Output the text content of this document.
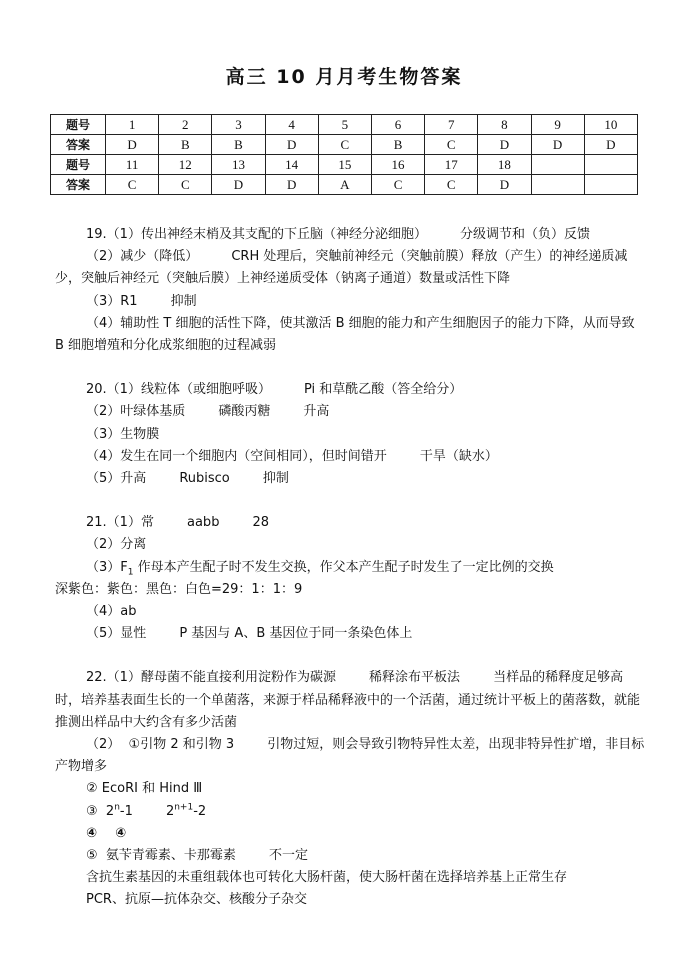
高三 10 月月考生物答案
题号	1	2	3	4	5	6	7	8	9	10
答案	D	B	B	D	C	B	C	D	D	D
题号	11	12	13	14	15	16	17	18		
答案	C	C	D	D	A	C	C	D		

19.（1）传出神经末梢及其支配的下丘脑（神经分泌细胞）        分级调节和（负）反馈

（2）减少（降低）        CRH 处理后，突触前神经元（突触前膜）释放（产生）的神经递质减少，突触后神经元（突触后膜）上神经递质受体（钠离子通道）数量或活性下降

（3）R1        抑制

（4）辅助性 T 细胞的活性下降，使其激活 B 细胞的能力和产生细胞因子的能力下降，从而导致 B 细胞增殖和分化成浆细胞的过程减弱

20.（1）线粒体（或细胞呼吸）        Pi 和草酰乙酸（答全给分）

（2）叶绿体基质        磷酸丙糖        升高

（3）生物膜

（4）发生在同一个细胞内（空间相同），但时间错开        干旱（缺水）

（5）升高        Rubisco        抑制

21.（1）常        aabb        28

（2）分离

$(3)F_1$ 作母本产生配子时不发生交换，作父本产生配子时发生了一定比例的交换

深紫色：紫色：黑色：白色=29：1：1：9

（4）ab

（5）显性        P 基因与 A、B 基因位于同一条染色体上

22.（1）酵母菌不能直接利用淀粉作为碳源        稀释涂布平板法        当样品的稀释度足够高时，培养基表面生长的一个单菌落，来源于样品稀释液中的一个活菌，通过统计平板上的菌落数，就能推测出样品中大约含有多少活菌

（2）  ①引物 2 和引物 3        引物过短，则会导致引物特异性太差，出现非特异性扩增，非目标产物增多

② EcoRI 和 Hind Ⅲ

③  2$^n$-1        $2^{n+1}-2$

④    ④

⑤  氨苄青霉素、卡那霉素        不一定

含抗生素基因的未重组载体也可转化大肠杆菌，使大肠杆菌在选择培养基上正常生存

PCR、抗原—抗体杂交、核酸分子杂交
